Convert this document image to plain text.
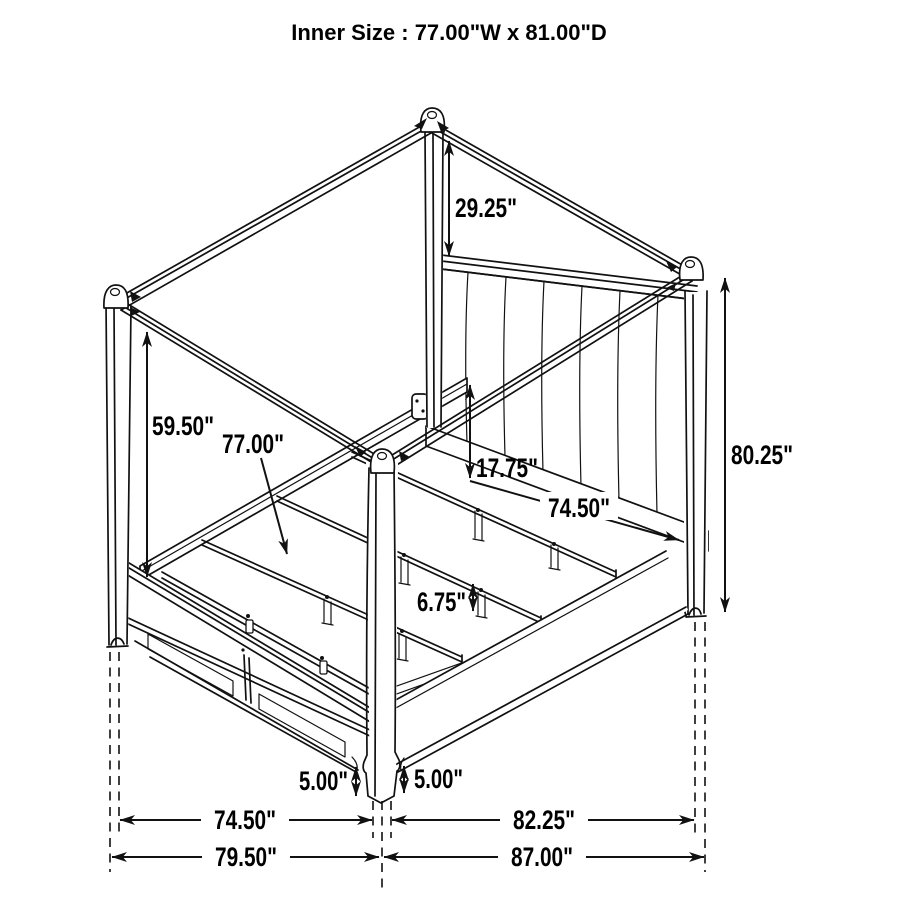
29.25"
59.50"
77.00"
17.75"
74.50"
80.25"
6.75"
5.00" 5.00"
74.50"	82.25"
79.50"	87.00"
Inner Size : 77.00"W x 81.00"D
